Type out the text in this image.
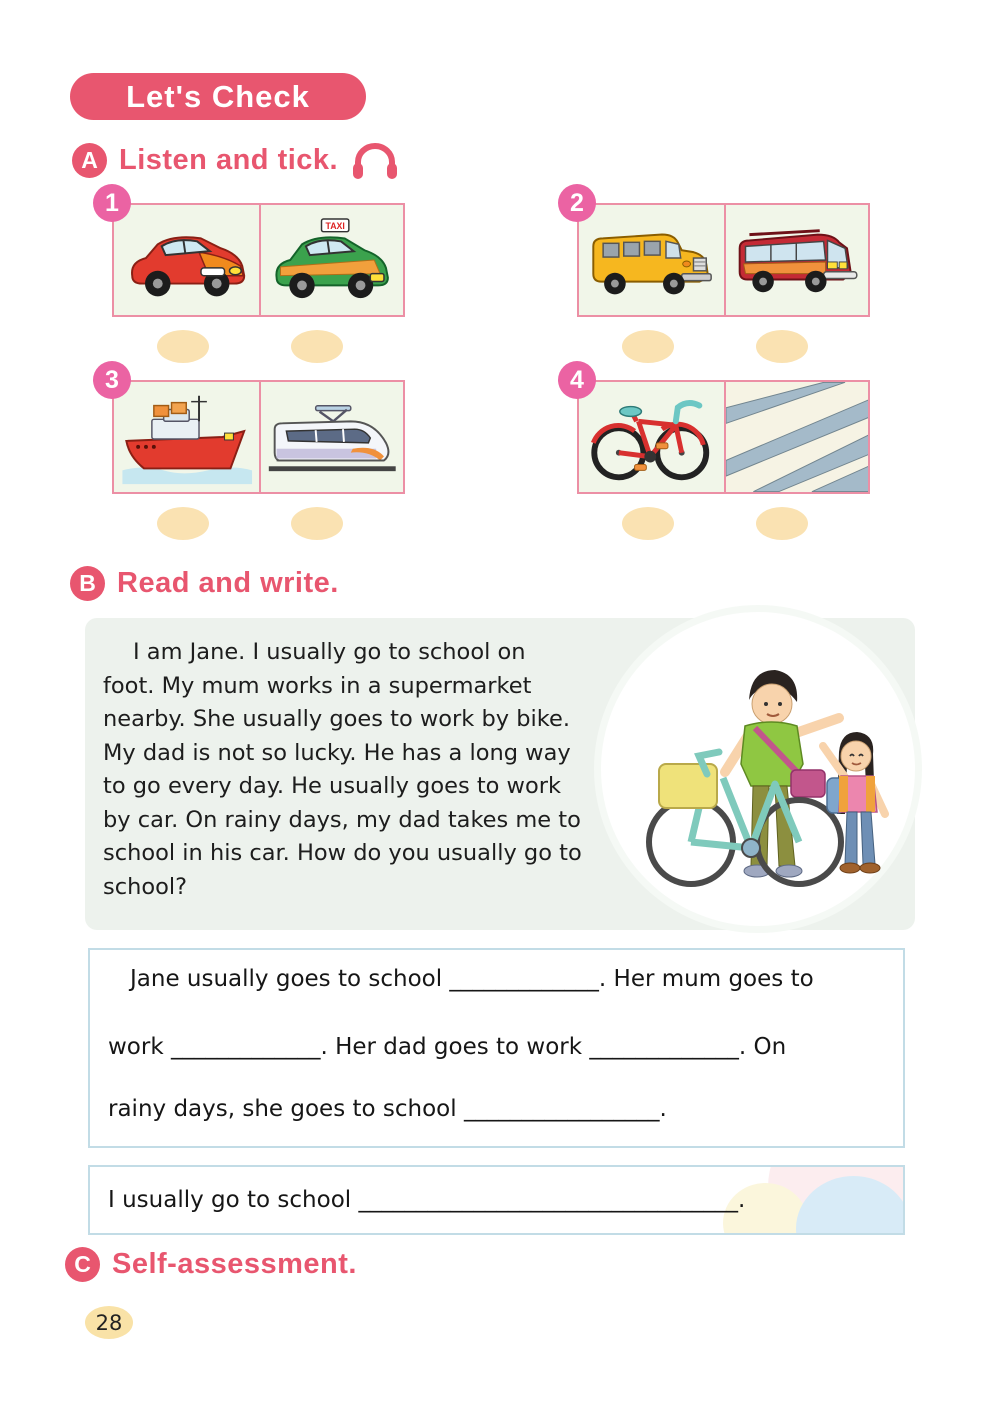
Let's Check
A Listen and tick.
TAXI
1	2
3	4
B Read and write.
I am Jane. I usually go to school on
foot. My mum works in a supermarket
nearby. She usually goes to work by bike.
My dad is not so lucky. He has a long way
to go every day. He usually goes to work
by car. On rainy days, my dad takes me to
school in his car. How do you usually go to
school?
Jane usually goes to school _____________. Her mum goes to
work _____________. Her dad goes to work _____________. On
rainy days, she goes to school _________________.
I usually go to school _________________________________.
C Self-assessment.
28
